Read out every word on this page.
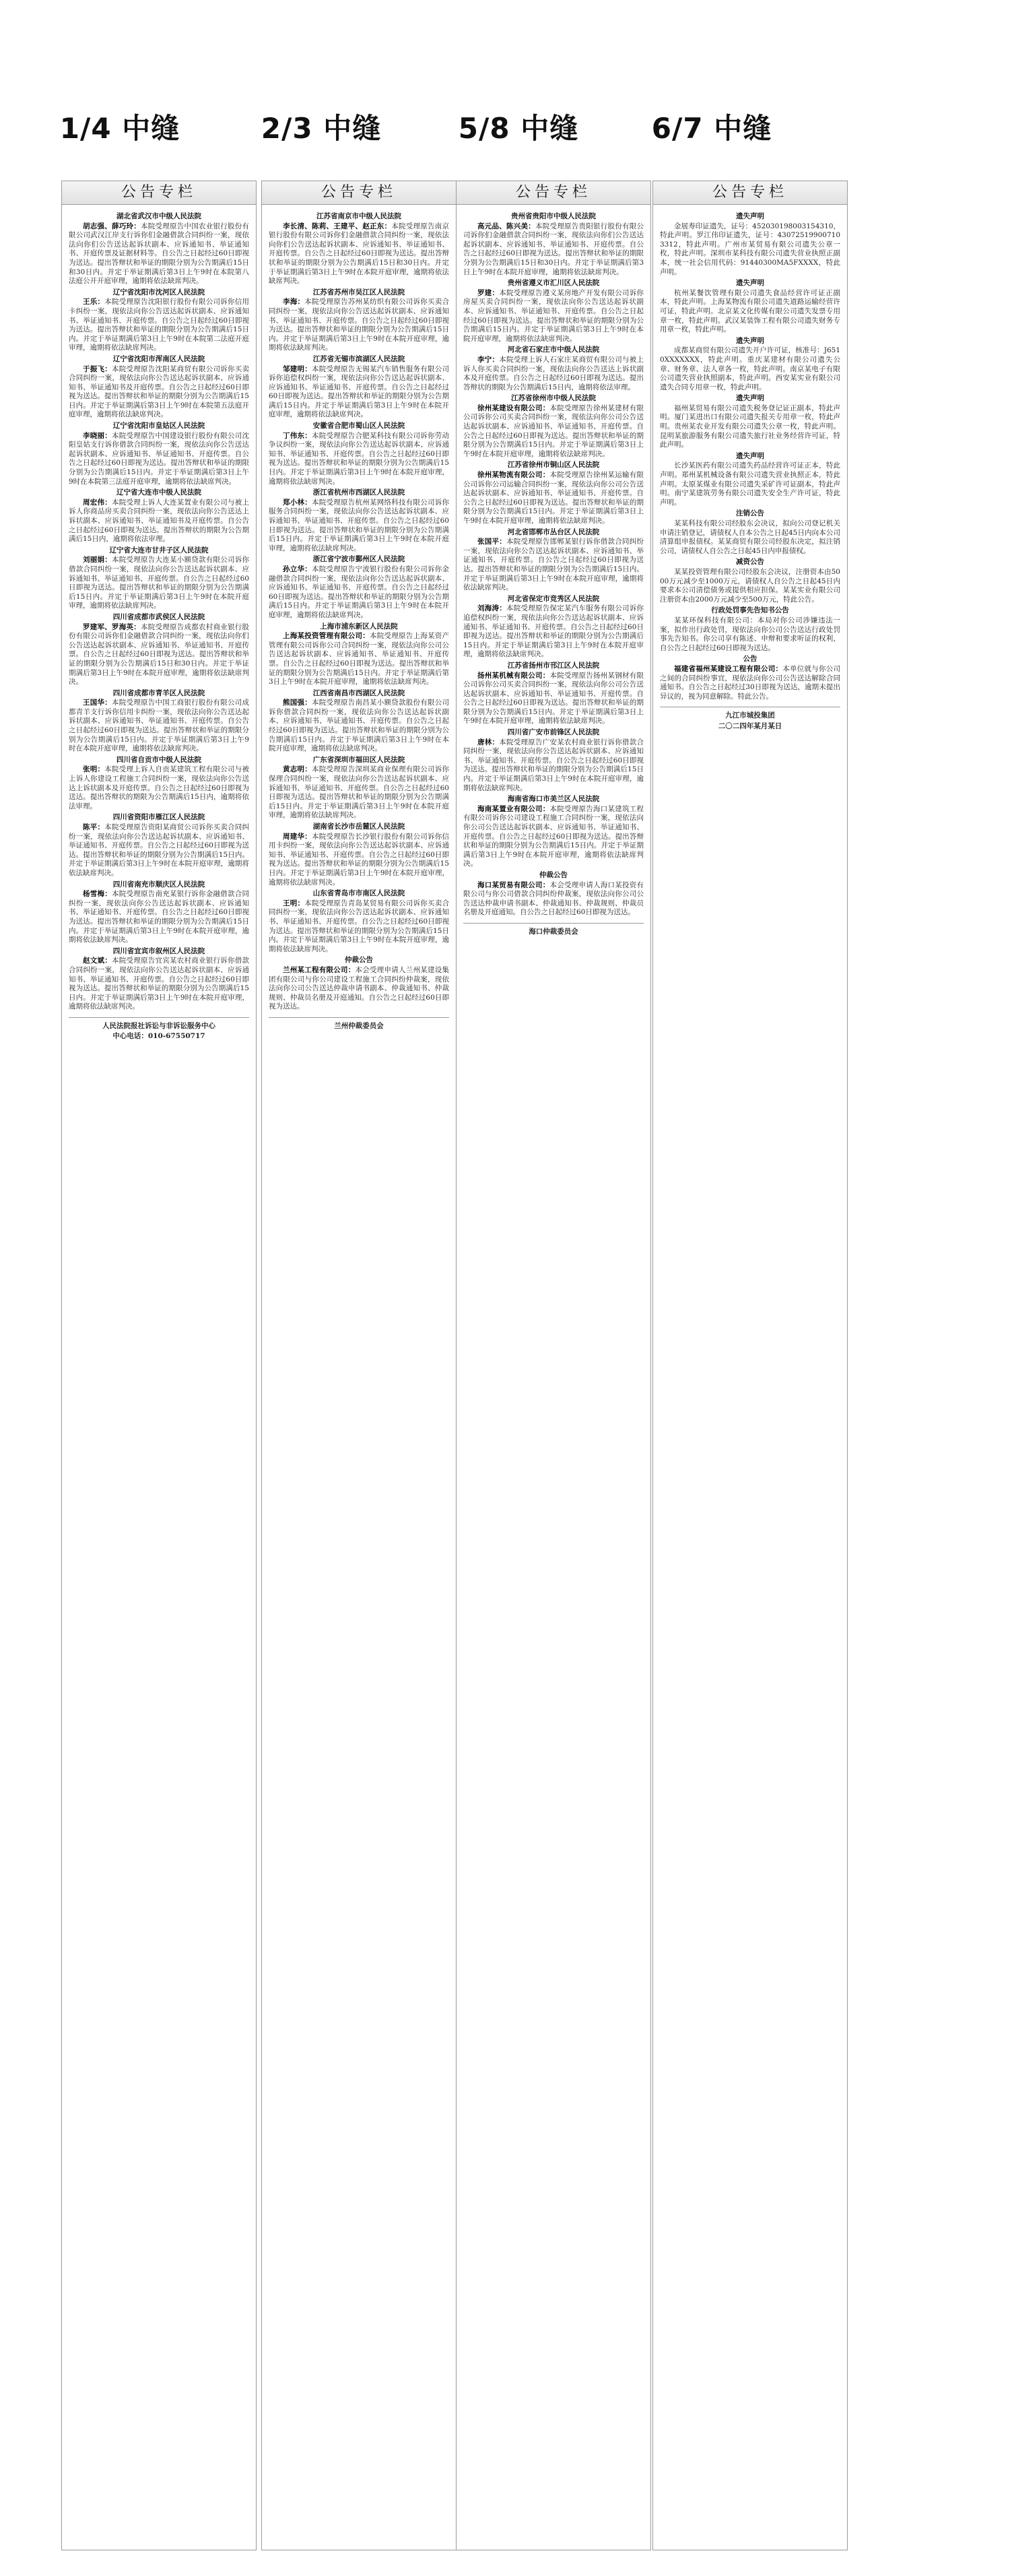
1/4 中缝	2/3 中缝	5/8 中缝	6/7 中缝
公告专栏
湖北省武汉市中级人民法院

胡志强、薛巧玲：本院受理原告中国农业银行股份有限公司武汉江岸支行诉你们金融借款合同纠纷一案，现依法向你们公告送达起诉状副本、应诉通知书、举证通知书、开庭传票及证据材料等。自公告之日起经过60日即视为送达。提出答辩状和举证的期限分别为公告期满后15日和30日内。并定于举证期满后第3日上午9时在本院第八法庭公开开庭审理，逾期将依法缺席判决。

辽宁省沈阳市沈河区人民法院

王乐：本院受理原告沈阳银行股份有限公司诉你信用卡纠纷一案，现依法向你公告送达起诉状副本、应诉通知书、举证通知书、开庭传票。自公告之日起经过60日即视为送达。提出答辩状和举证的期限分别为公告期满后15日内。并定于举证期满后第3日上午9时在本院第二法庭开庭审理，逾期将依法缺席判决。

辽宁省沈阳市浑南区人民法院

于振飞：本院受理原告沈阳某商贸有限公司诉你买卖合同纠纷一案，现依法向你公告送达起诉状副本、应诉通知书、举证通知书及开庭传票。自公告之日起经过60日即视为送达。提出答辩状和举证的期限分别为公告期满后15日内。并定于举证期满后第3日上午9时在本院第五法庭开庭审理，逾期将依法缺席判决。

辽宁省沈阳市皇姑区人民法院

李晓丽：本院受理原告中国建设银行股份有限公司沈阳皇姑支行诉你借款合同纠纷一案，现依法向你公告送达起诉状副本、应诉通知书、举证通知书、开庭传票。自公告之日起经过60日即视为送达。提出答辩状和举证的期限分别为公告期满后15日内。并定于举证期满后第3日上午9时在本院第三法庭开庭审理，逾期将依法缺席判决。

辽宁省大连市中级人民法院

周宏伟：本院受理上诉人大连某置业有限公司与被上诉人你商品房买卖合同纠纷一案，现依法向你公告送达上诉状副本、应诉通知书、举证通知书及开庭传票。自公告之日起经过60日即视为送达。提出答辩状的期限为公告期满后15日内，逾期将依法审理。

辽宁省大连市甘井子区人民法院

刘丽娟：本院受理原告大连某小额贷款有限公司诉你借款合同纠纷一案，现依法向你公告送达起诉状副本、应诉通知书、举证通知书、开庭传票。自公告之日起经过60日即视为送达。提出答辩状和举证的期限分别为公告期满后15日内。并定于举证期满后第3日上午9时在本院开庭审理，逾期将依法缺席判决。

四川省成都市武侯区人民法院

罗建军、罗海英：本院受理原告成都农村商业银行股份有限公司诉你们金融借款合同纠纷一案，现依法向你们公告送达起诉状副本、应诉通知书、举证通知书、开庭传票。自公告之日起经过60日即视为送达。提出答辩状和举证的期限分别为公告期满后15日和30日内。并定于举证期满后第3日上午9时在本院开庭审理，逾期将依法缺席判决。

四川省成都市青羊区人民法院

王国华：本院受理原告中国工商银行股份有限公司成都青羊支行诉你信用卡纠纷一案，现依法向你公告送达起诉状副本、应诉通知书、举证通知书、开庭传票。自公告之日起经过60日即视为送达。提出答辩状和举证的期限分别为公告期满后15日内。并定于举证期满后第3日上午9时在本院开庭审理，逾期将依法缺席判决。

四川省自贡市中级人民法院

张明：本院受理上诉人自贡某建筑工程有限公司与被上诉人你建设工程施工合同纠纷一案，现依法向你公告送达上诉状副本及开庭传票。自公告之日起经过60日即视为送达。提出答辩状的期限为公告期满后15日内，逾期将依法审理。

四川省资阳市雁江区人民法院

陈平：本院受理原告资阳某商贸公司诉你买卖合同纠纷一案，现依法向你公告送达起诉状副本、应诉通知书、举证通知书、开庭传票。自公告之日起经过60日即视为送达。提出答辩状和举证的期限分别为公告期满后15日内。并定于举证期满后第3日上午9时在本院开庭审理，逾期将依法缺席判决。

四川省南充市顺庆区人民法院

杨雪梅：本院受理原告南充某银行诉你金融借款合同纠纷一案，现依法向你公告送达起诉状副本、应诉通知书、举证通知书、开庭传票。自公告之日起经过60日即视为送达。提出答辩状和举证的期限分别为公告期满后15日内。并定于举证期满后第3日上午9时在本院开庭审理，逾期将依法缺席判决。

四川省宜宾市叙州区人民法院

赵文斌：本院受理原告宜宾某农村商业银行诉你借款合同纠纷一案，现依法向你公告送达起诉状副本、应诉通知书、举证通知书、开庭传票。自公告之日起经过60日即视为送达。提出答辩状和举证的期限分别为公告期满后15日内。并定于举证期满后第3日上午9时在本院开庭审理，逾期将依法缺席判决。

人民法院报社诉讼与非诉讼服务中心
中心电话：010-67550717
公告专栏
江苏省南京市中级人民法院

李长清、陈莉、王建平、赵正东：本院受理原告南京银行股份有限公司诉你们金融借款合同纠纷一案，现依法向你们公告送达起诉状副本、应诉通知书、举证通知书、开庭传票。自公告之日起经过60日即视为送达。提出答辩状和举证的期限分别为公告期满后15日和30日内。并定于举证期满后第3日上午9时在本院开庭审理，逾期将依法缺席判决。

江苏省苏州市吴江区人民法院

李海：本院受理原告苏州某纺织有限公司诉你买卖合同纠纷一案，现依法向你公告送达起诉状副本、应诉通知书、举证通知书、开庭传票。自公告之日起经过60日即视为送达。提出答辩状和举证的期限分别为公告期满后15日内。并定于举证期满后第3日上午9时在本院开庭审理，逾期将依法缺席判决。

江苏省无锡市滨湖区人民法院

邹建明：本院受理原告无锡某汽车销售服务有限公司诉你追偿权纠纷一案，现依法向你公告送达起诉状副本、应诉通知书、举证通知书、开庭传票。自公告之日起经过60日即视为送达。提出答辩状和举证的期限分别为公告期满后15日内。并定于举证期满后第3日上午9时在本院开庭审理，逾期将依法缺席判决。

安徽省合肥市蜀山区人民法院

丁伟东：本院受理原告合肥某科技有限公司诉你劳动争议纠纷一案，现依法向你公告送达起诉状副本、应诉通知书、举证通知书、开庭传票。自公告之日起经过60日即视为送达。提出答辩状和举证的期限分别为公告期满后15日内。并定于举证期满后第3日上午9时在本院开庭审理，逾期将依法缺席判决。

浙江省杭州市西湖区人民法院

郑小林：本院受理原告杭州某网络科技有限公司诉你服务合同纠纷一案，现依法向你公告送达起诉状副本、应诉通知书、举证通知书、开庭传票。自公告之日起经过60日即视为送达。提出答辩状和举证的期限分别为公告期满后15日内。并定于举证期满后第3日上午9时在本院开庭审理，逾期将依法缺席判决。

浙江省宁波市鄞州区人民法院

孙立华：本院受理原告宁波银行股份有限公司诉你金融借款合同纠纷一案，现依法向你公告送达起诉状副本、应诉通知书、举证通知书、开庭传票。自公告之日起经过60日即视为送达。提出答辩状和举证的期限分别为公告期满后15日内。并定于举证期满后第3日上午9时在本院开庭审理，逾期将依法缺席判决。

上海市浦东新区人民法院

上海某投资管理有限公司：本院受理原告上海某资产管理有限公司诉你公司合同纠纷一案，现依法向你公司公告送达起诉状副本、应诉通知书、举证通知书、开庭传票。自公告之日起经过60日即视为送达。提出答辩状和举证的期限分别为公告期满后15日内。并定于举证期满后第3日上午9时在本院开庭审理，逾期将依法缺席判决。

江西省南昌市西湖区人民法院

熊国强：本院受理原告南昌某小额贷款股份有限公司诉你借款合同纠纷一案，现依法向你公告送达起诉状副本、应诉通知书、举证通知书、开庭传票。自公告之日起经过60日即视为送达。提出答辩状和举证的期限分别为公告期满后15日内。并定于举证期满后第3日上午9时在本院开庭审理，逾期将依法缺席判决。

广东省深圳市福田区人民法院

黄志明：本院受理原告深圳某商业保理有限公司诉你保理合同纠纷一案，现依法向你公告送达起诉状副本、应诉通知书、举证通知书、开庭传票。自公告之日起经过60日即视为送达。提出答辩状和举证的期限分别为公告期满后15日内。并定于举证期满后第3日上午9时在本院开庭审理，逾期将依法缺席判决。

湖南省长沙市岳麓区人民法院

周建华：本院受理原告长沙银行股份有限公司诉你信用卡纠纷一案，现依法向你公告送达起诉状副本、应诉通知书、举证通知书、开庭传票。自公告之日起经过60日即视为送达。提出答辩状和举证的期限分别为公告期满后15日内。并定于举证期满后第3日上午9时在本院开庭审理，逾期将依法缺席判决。

山东省青岛市市南区人民法院

王明：本院受理原告青岛某贸易有限公司诉你买卖合同纠纷一案，现依法向你公告送达起诉状副本、应诉通知书、举证通知书、开庭传票。自公告之日起经过60日即视为送达。提出答辩状和举证的期限分别为公告期满后15日内。并定于举证期满后第3日上午9时在本院开庭审理，逾期将依法缺席判决。

仲裁公告

兰州某工程有限公司：本会受理申请人兰州某建设集团有限公司与你公司建设工程施工合同纠纷仲裁案，现依法向你公司公告送达仲裁申请书副本、仲裁通知书、仲裁规则、仲裁员名册及开庭通知。自公告之日起经过60日即视为送达。

兰州仲裁委员会
公告专栏
贵州省贵阳市中级人民法院

高元品、陈兴美：本院受理原告贵阳银行股份有限公司诉你们金融借款合同纠纷一案，现依法向你们公告送达起诉状副本、应诉通知书、举证通知书、开庭传票。自公告之日起经过60日即视为送达。提出答辩状和举证的期限分别为公告期满后15日和30日内。并定于举证期满后第3日上午9时在本院开庭审理，逾期将依法缺席判决。

贵州省遵义市汇川区人民法院

罗建：本院受理原告遵义某房地产开发有限公司诉你房屋买卖合同纠纷一案，现依法向你公告送达起诉状副本、应诉通知书、举证通知书、开庭传票。自公告之日起经过60日即视为送达。提出答辩状和举证的期限分别为公告期满后15日内。并定于举证期满后第3日上午9时在本院开庭审理，逾期将依法缺席判决。

河北省石家庄市中级人民法院

李宁：本院受理上诉人石家庄某商贸有限公司与被上诉人你买卖合同纠纷一案，现依法向你公告送达上诉状副本及开庭传票。自公告之日起经过60日即视为送达。提出答辩状的期限为公告期满后15日内，逾期将依法审理。

江苏省徐州市中级人民法院

徐州某建设有限公司：本院受理原告徐州某建材有限公司诉你公司买卖合同纠纷一案，现依法向你公司公告送达起诉状副本、应诉通知书、举证通知书、开庭传票。自公告之日起经过60日即视为送达。提出答辩状和举证的期限分别为公告期满后15日内。并定于举证期满后第3日上午9时在本院开庭审理，逾期将依法缺席判决。

江苏省徐州市铜山区人民法院

徐州某物流有限公司：本院受理原告徐州某运输有限公司诉你公司运输合同纠纷一案，现依法向你公司公告送达起诉状副本、应诉通知书、举证通知书、开庭传票。自公告之日起经过60日即视为送达。提出答辩状和举证的期限分别为公告期满后15日内。并定于举证期满后第3日上午9时在本院开庭审理，逾期将依法缺席判决。

河北省邯郸市丛台区人民法院

张国平：本院受理原告邯郸某银行诉你借款合同纠纷一案，现依法向你公告送达起诉状副本、应诉通知书、举证通知书、开庭传票。自公告之日起经过60日即视为送达。提出答辩状和举证的期限分别为公告期满后15日内。并定于举证期满后第3日上午9时在本院开庭审理，逾期将依法缺席判决。

河北省保定市竞秀区人民法院

刘海涛：本院受理原告保定某汽车服务有限公司诉你追偿权纠纷一案，现依法向你公告送达起诉状副本、应诉通知书、举证通知书、开庭传票。自公告之日起经过60日即视为送达。提出答辩状和举证的期限分别为公告期满后15日内。并定于举证期满后第3日上午9时在本院开庭审理，逾期将依法缺席判决。

江苏省扬州市邗江区人民法院

扬州某机械有限公司：本院受理原告扬州某钢材有限公司诉你公司买卖合同纠纷一案，现依法向你公司公告送达起诉状副本、应诉通知书、举证通知书、开庭传票。自公告之日起经过60日即视为送达。提出答辩状和举证的期限分别为公告期满后15日内。并定于举证期满后第3日上午9时在本院开庭审理，逾期将依法缺席判决。

四川省广安市前锋区人民法院

唐林：本院受理原告广安某农村商业银行诉你借款合同纠纷一案，现依法向你公告送达起诉状副本、应诉通知书、举证通知书、开庭传票。自公告之日起经过60日即视为送达。提出答辩状和举证的期限分别为公告期满后15日内。并定于举证期满后第3日上午9时在本院开庭审理，逾期将依法缺席判决。

海南省海口市美兰区人民法院

海南某置业有限公司：本院受理原告海口某建筑工程有限公司诉你公司建设工程施工合同纠纷一案，现依法向你公司公告送达起诉状副本、应诉通知书、举证通知书、开庭传票。自公告之日起经过60日即视为送达。提出答辩状和举证的期限分别为公告期满后15日内。并定于举证期满后第3日上午9时在本院开庭审理，逾期将依法缺席判决。

仲裁公告

海口某贸易有限公司：本会受理申请人海口某投资有限公司与你公司借款合同纠纷仲裁案，现依法向你公司公告送达仲裁申请书副本、仲裁通知书、仲裁规则、仲裁员名册及开庭通知。自公告之日起经过60日即视为送达。

海口仲裁委员会
公告专栏
遗失声明

金展寿印证遗失，证号：452030198003154310，特此声明。罗江伟印证遗失，证号：430725199007103312，特此声明。广州市某贸易有限公司遗失公章一枚，特此声明。深圳市某科技有限公司遗失营业执照正副本，统一社会信用代码：91440300MA5FXXXX，特此声明。

遗失声明

杭州某餐饮管理有限公司遗失食品经营许可证正副本，特此声明。上海某物流有限公司遗失道路运输经营许可证，特此声明。北京某文化传媒有限公司遗失发票专用章一枚，特此声明。武汉某装饰工程有限公司遗失财务专用章一枚，特此声明。

遗失声明

成都某商贸有限公司遗失开户许可证，核准号：J6510XXXXXXX，特此声明。重庆某建材有限公司遗失公章、财务章、法人章各一枚，特此声明。南京某电子有限公司遗失营业执照副本，特此声明。西安某实业有限公司遗失合同专用章一枚，特此声明。

遗失声明

福州某贸易有限公司遗失税务登记证正副本，特此声明。厦门某进出口有限公司遗失报关专用章一枚，特此声明。贵州某农业开发有限公司遗失公章一枚，特此声明。昆明某旅游服务有限公司遗失旅行社业务经营许可证，特此声明。

遗失声明

长沙某医药有限公司遗失药品经营许可证正本，特此声明。郑州某机械设备有限公司遗失营业执照正本，特此声明。太原某煤业有限公司遗失采矿许可证副本，特此声明。南宁某建筑劳务有限公司遗失安全生产许可证，特此声明。

注销公告

某某科技有限公司经股东会决议，拟向公司登记机关申请注销登记，请债权人自本公告之日起45日内向本公司清算组申报债权。某某商贸有限公司经股东决定，拟注销公司，请债权人自公告之日起45日内申报债权。

减资公告

某某投资管理有限公司经股东会决议，注册资本由5000万元减少至1000万元，请债权人自公告之日起45日内要求本公司清偿债务或提供相应担保。某某实业有限公司注册资本由2000万元减少至500万元，特此公告。

行政处罚事先告知书公告

某某环保科技有限公司：本局对你公司涉嫌违法一案，拟作出行政处罚，现依法向你公司公告送达行政处罚事先告知书。你公司享有陈述、申辩和要求听证的权利，自公告之日起经过60日即视为送达。

公告

福建省福州某建设工程有限公司：本单位就与你公司之间的合同纠纷事宜，现依法向你公司公告送达解除合同通知书。自公告之日起经过30日即视为送达，逾期未提出异议的，视为同意解除。特此公告。

九江市城投集团
二〇二四年某月某日
